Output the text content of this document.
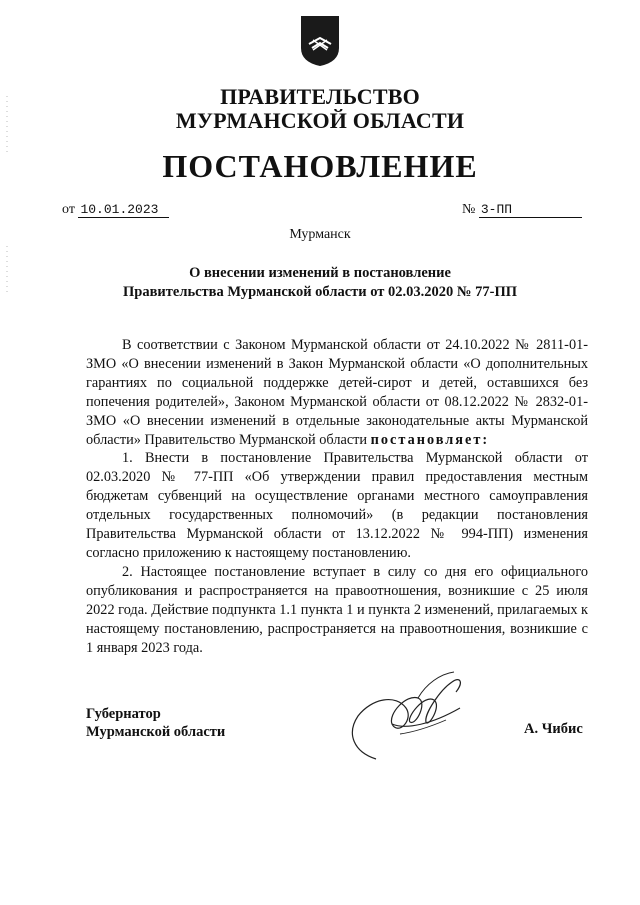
ПРАВИТЕЛЬСТВО
МУРМАНСКОЙ ОБЛАСТИ
ПОСТАНОВЛЕНИЕ
от 10.01.2023	№ 3-ПП
Мурманск
О внесении изменений в постановление
Правительства Мурманской области от 02.03.2020 № 77-ПП

В соответствии с Законом Мурманской области от 24.10.2022 № 2811-01-ЗМО «О внесении изменений в Закон Мурманской области «О дополнительных гарантиях по социальной поддержке детей-сирот и детей, оставшихся без попечения родителей», Законом Мурманской области от 08.12.2022 № 2832-01-ЗМО «О внесении изменений в отдельные законодательные акты Мурманской области» Правительство Мурманской области постановляет:

1. Внести в постановление Правительства Мурманской области от 02.03.2020 № 77-ПП «Об утверждении правил предоставления местным бюджетам субвенций на осуществление органами местного самоуправления отдельных государственных полномочий» (в редакции постановления Правительства Мурманской области от 13.12.2022 № 994-ПП) изменения согласно приложению к настоящему постановлению.

2. Настоящее постановление вступает в силу со дня его официального опубликования и распространяется на правоотношения, возникшие с 25 июля 2022 года. Действие подпункта 1.1 пункта 1 и пункта 2 изменений, прилагаемых к настоящему постановлению, распространяется на правоотношения, возникшие с 1 января 2023 года.

Губернатор
Мурманской области	А. Чибис
